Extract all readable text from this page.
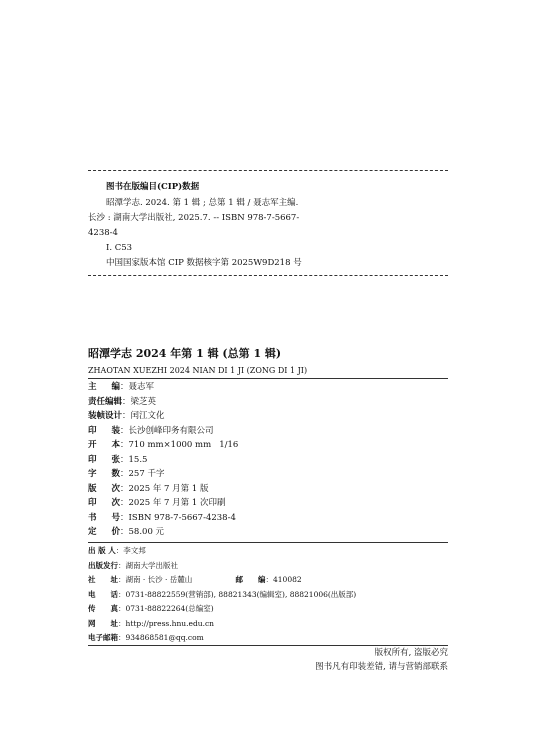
图书在版编目(CIP)数据
昭潭学志. 2024. 第 1 辑 ; 总第 1 辑 / 聂志军主编.
长沙 : 湖南大学出版社, 2025.7. -- ISBN 978-7-5667-
4238-4
Ⅰ. C53
中国国家版本馆 CIP 数据核字第 2025W9D218 号
昭潭学志 2024 年第 1 辑 (总第 1 辑)
ZHAOTAN XUEZHI 2024 NIAN DI 1 JI (ZONG DI 1 JI)
主 编 ： 聂志军
责任编辑 ： 梁芝英
装帧设计 ： 闰江文化
印 装 ： 长沙创峰印务有限公司
开 本 ： 710 mm×1000 mm   1/16
印 张 ： 15.5
字 数 ： 257 千字
版 次 ： 2025 年 7 月第 1 版
印 次 ： 2025 年 7 月第 1 次印刷
书 号 ： ISBN 978-7-5667-4238-4
定 价 ： 58.00 元
出 版 人 ： 李文邦
出版发行 ： 湖南大学出版社
社　　址 ： 湖南 · 长沙 · 岳麓山	邮　　编 ： 410082
电　　话 ： 0731-88822559(营销部), 88821343(编辑室), 88821006(出版部)
传　　真 ： 0731-88822264(总编室)
网　　址 ： http://press.hnu.edu.cn
电子邮箱 ： 934868581@qq.com
版权所有, 盗版必究
图书凡有印装差错, 请与营销部联系
